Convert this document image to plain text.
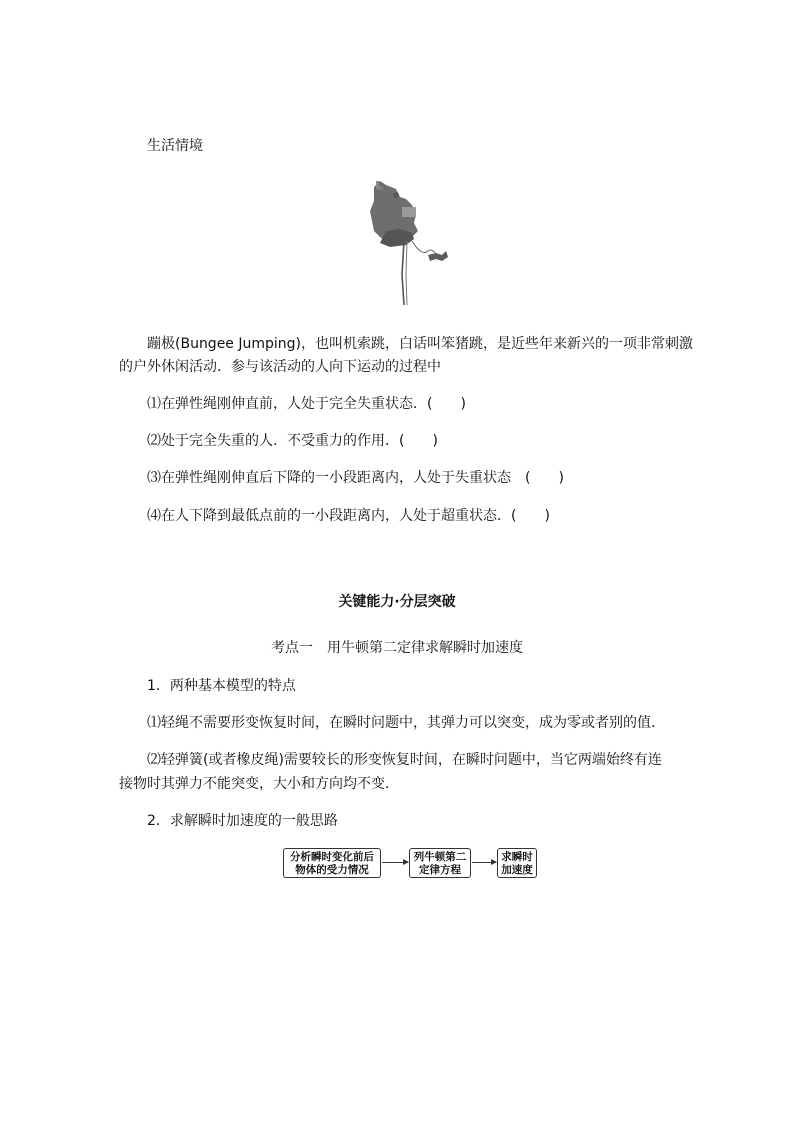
生活情境
蹦极(Bungee Jumping)，也叫机索跳，白话叫笨猪跳，是近些年来新兴的一项非常刺激
的户外休闲活动．参与该活动的人向下运动的过程中
⑴在弹性绳刚伸直前，人处于完全失重状态．(　　)
⑵处于完全失重的人．不受重力的作用．(　　)
⑶在弹性绳刚伸直后下降的一小段距离内，人处于失重状态　(　　)
⑷在人下降到最低点前的一小段距离内，人处于超重状态．(　　)
关键能力·分层突破
考点一　用牛顿第二定律求解瞬时加速度
1．两种基本模型的特点
⑴轻绳不需要形变恢复时间，在瞬时问题中，其弹力可以突变，成为零或者别的值．
⑵轻弹簧(或者橡皮绳)需要较长的形变恢复时间，在瞬时问题中，当它两端始终有连
接物时其弹力不能突变，大小和方向均不变．
2．求解瞬时加速度的一般思路
分析瞬时变化前后
物体的受力情况
列牛顿第二
定律方程
求瞬时
加速度
